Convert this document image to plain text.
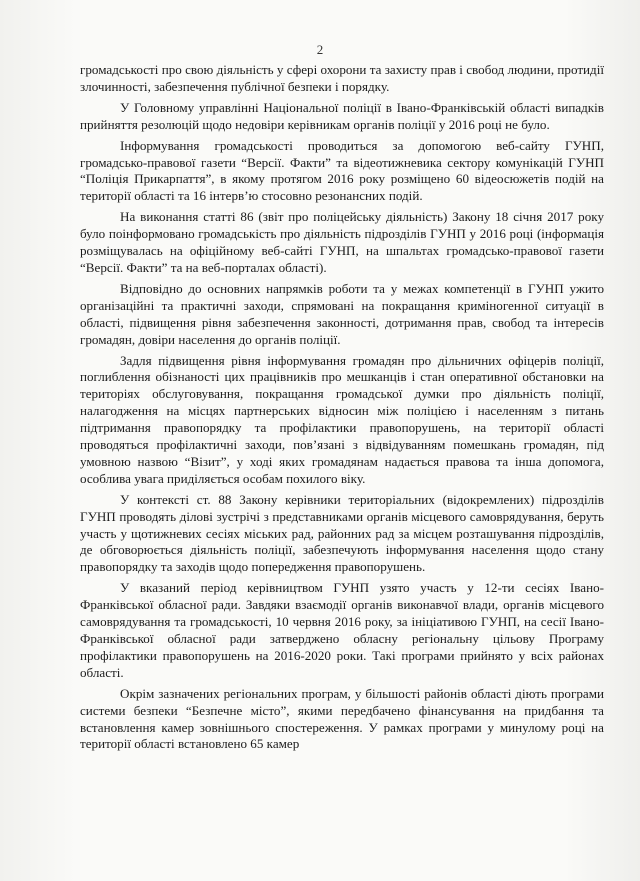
2

громадськості про свою діяльність у сфері охорони та захисту прав і свобод людини, протидії злочинності, забезпечення публічної безпеки і порядку.

У Головному управлінні Національної поліції в Івано-Франківській області випадків прийняття резолюцій щодо недовіри керівникам органів поліції у 2016 році не було.

Інформування громадськості проводиться за допомогою веб-сайту ГУНП, громадсько-правової газети “Версії. Факти” та відеотижневика сектору комунікацій ГУНП “Поліція Прикарпаття”, в якому протягом 2016 року розміщено 60 відеосюжетів подій на території області та 16 інтерв’ю стосовно резонансних подій.

На виконання статті 86 (звіт про поліцейську діяльність) Закону 18 січня 2017 року було поінформовано громадськість про діяльність підрозділів ГУНП у 2016 році (інформація розміщувалась на офіційному веб-сайті ГУНП, на шпальтах громадсько-правової газети “Версії. Факти” та на веб-порталах області).

Відповідно до основних напрямків роботи та у межах компетенції в ГУНП ужито організаційні та практичні заходи, спрямовані на покращання криміногенної ситуації в області, підвищення рівня забезпечення законності, дотримання прав, свобод та інтересів громадян, довіри населення до органів поліції.

Задля підвищення рівня інформування громадян про дільничних офіцерів поліції, поглиблення обізнаності цих працівників про мешканців і стан оперативної обстановки на територіях обслуговування, покращання громадської думки про діяльність поліції, налагодження на місцях партнерських відносин між поліцією і населенням з питань підтримання правопорядку та профілактики правопорушень, на території області проводяться профілактичні заходи, пов’язані з відвідуванням помешкань громадян, під умовною назвою “Візит”, у ході яких громадянам надається правова та інша допомога, особлива увага приділяється особам похилого віку.

У контексті ст. 88 Закону керівники територіальних (відокремлених) підрозділів ГУНП проводять ділові зустрічі з представниками органів місцевого самоврядування, беруть участь у щотижневих сесіях міських рад, районних рад за місцем розташування підрозділів, де обговорюється діяльність поліції, забезпечують інформування населення щодо стану правопорядку та заходів щодо попередження правопорушень.

У вказаний період керівництвом ГУНП узято участь у 12-ти сесіях Івано-Франківської обласної ради. Завдяки взаємодії органів виконавчої влади, органів місцевого самоврядування та громадськості, 10 червня 2016 року, за ініціативою ГУНП, на сесії Івано-Франківської обласної ради затверджено обласну регіональну цільову Програму профілактики правопорушень на 2016-2020 роки. Такі програми прийнято у всіх районах області.

Окрім зазначених регіональних програм, у більшості районів області діють програми системи безпеки “Безпечне місто”, якими передбачено фінансування на придбання та встановлення камер зовнішнього спостереження. У рамках програми у минулому році на території області встановлено 65 камер
